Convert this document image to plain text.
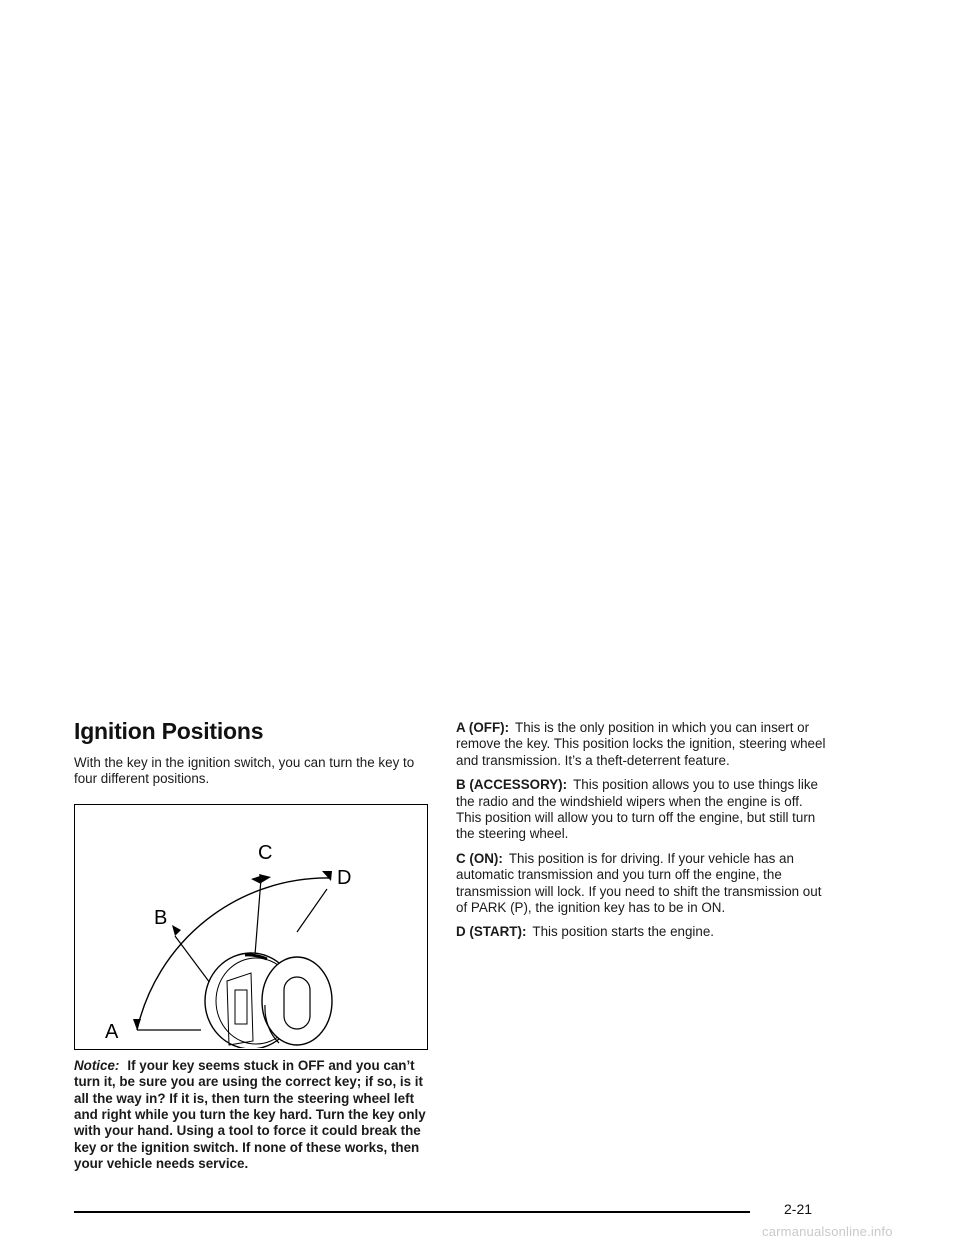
Ignition Positions

With the key in the ignition switch, you can turn the key to four different positions.

A
B
C
D

Notice: If your key seems stuck in OFF and you can’t turn it, be sure you are using the correct key; if so, is it all the way in? If it is, then turn the steering wheel left and right while you turn the key hard. Turn the key only with your hand. Using a tool to force it could break the key or the ignition switch. If none of these works, then your vehicle needs service.

A (OFF): This is the only position in which you can insert or remove the key. This position locks the ignition, steering wheel and transmission. It’s a theft-deterrent feature.

B (ACCESSORY): This position allows you to use things like the radio and the windshield wipers when the engine is off. This position will allow you to turn off the engine, but still turn the steering wheel.

C (ON): This position is for driving. If your vehicle has an automatic transmission and you turn off the engine, the transmission will lock. If you need to shift the transmission out of PARK (P), the ignition key has to be in ON.

D (START): This position starts the engine.

2-21
carmanualsonline.info
